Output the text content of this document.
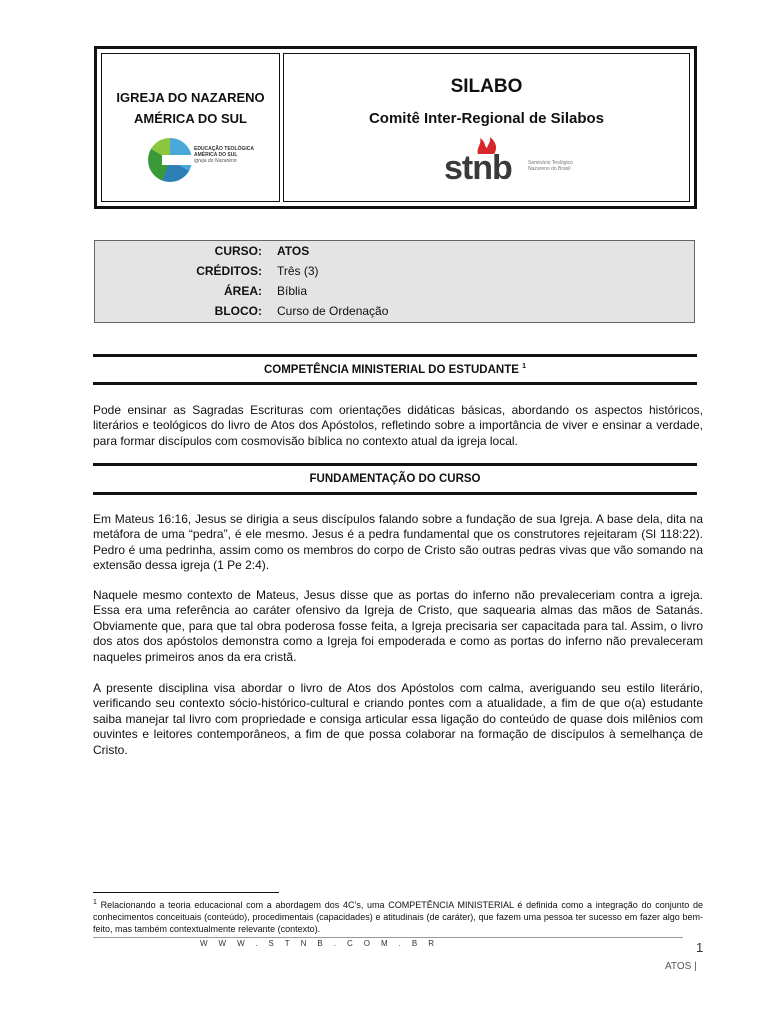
IGREJA DO NAZARENO
AMÉRICA DO SUL
EDUCAÇÃO TEOLÓGICA
AMÉRICA DO SUL
Igreja do Nazareno
SILABO
Comitê Inter-Regional de Silabos
stnb	Seminário Teológico Nazareno do Brasil
CURSO: ATOS
CRÉDITOS: Três (3)
ÁREA: Bíblia
BLOCO: Curso de Ordenação
COMPETÊNCIA MINISTERIAL DO ESTUDANTE $^1$

Pode ensinar as Sagradas Escrituras com orientações didáticas básicas, abordando os aspectos históricos, literários e teológicos do livro de Atos dos Apóstolos, refletindo sobre a importância de viver e ensinar a verdade, para formar discípulos com cosmovisão bíblica no contexto atual da igreja local.

FUNDAMENTAÇÃO DO CURSO

Em Mateus 16:16, Jesus se dirigia a seus discípulos falando sobre a fundação de sua Igreja. A base dela, dita na metáfora de uma “pedra”, é ele mesmo. Jesus é a pedra fundamental que os construtores rejeitaram (Sl 118:22). Pedro é uma pedrinha, assim como os membros do corpo de Cristo são outras pedras vivas que vão somando na extensão dessa igreja (1 Pe 2:4).

Naquele mesmo contexto de Mateus, Jesus disse que as portas do inferno não prevaleceriam contra a igreja. Essa era uma referência ao caráter ofensivo da Igreja de Cristo, que saquearia almas das mãos de Satanás. Obviamente que, para que tal obra poderosa fosse feita, a Igreja precisaria ser capacitada para tal. Assim, o livro dos atos dos apóstolos demonstra como a Igreja foi empoderada e como as portas do inferno não prevaleceram naqueles primeiros anos da era cristã.

A presente disciplina visa abordar o livro de Atos dos Apóstolos com calma, averiguando seu estilo literário, verificando seu contexto sócio-histórico-cultural e criando pontes com a atualidade, a fim de que o(a) estudante saiba manejar tal livro com propriedade e consiga articular essa ligação do conteúdo de quase dois milênios com ouvintes e leitores contemporâneos, a fim de que possa colaborar na formação de discípulos à semelhança de Cristo.

$^1$ Relacionando a teoria educacional com a abordagem dos 4C’s, uma COMPETÊNCIA MINISTERIAL é definida como a integração do conjunto de conhecimentos conceituais (conteúdo), procedimentais (capacidades) e atitudinais (de caráter), que fazem uma pessoa ter sucesso em fazer algo bem-feito, mas também contextualmente relevante (contexto).

WWW.STNB.COM.BR	1
ATOS |
